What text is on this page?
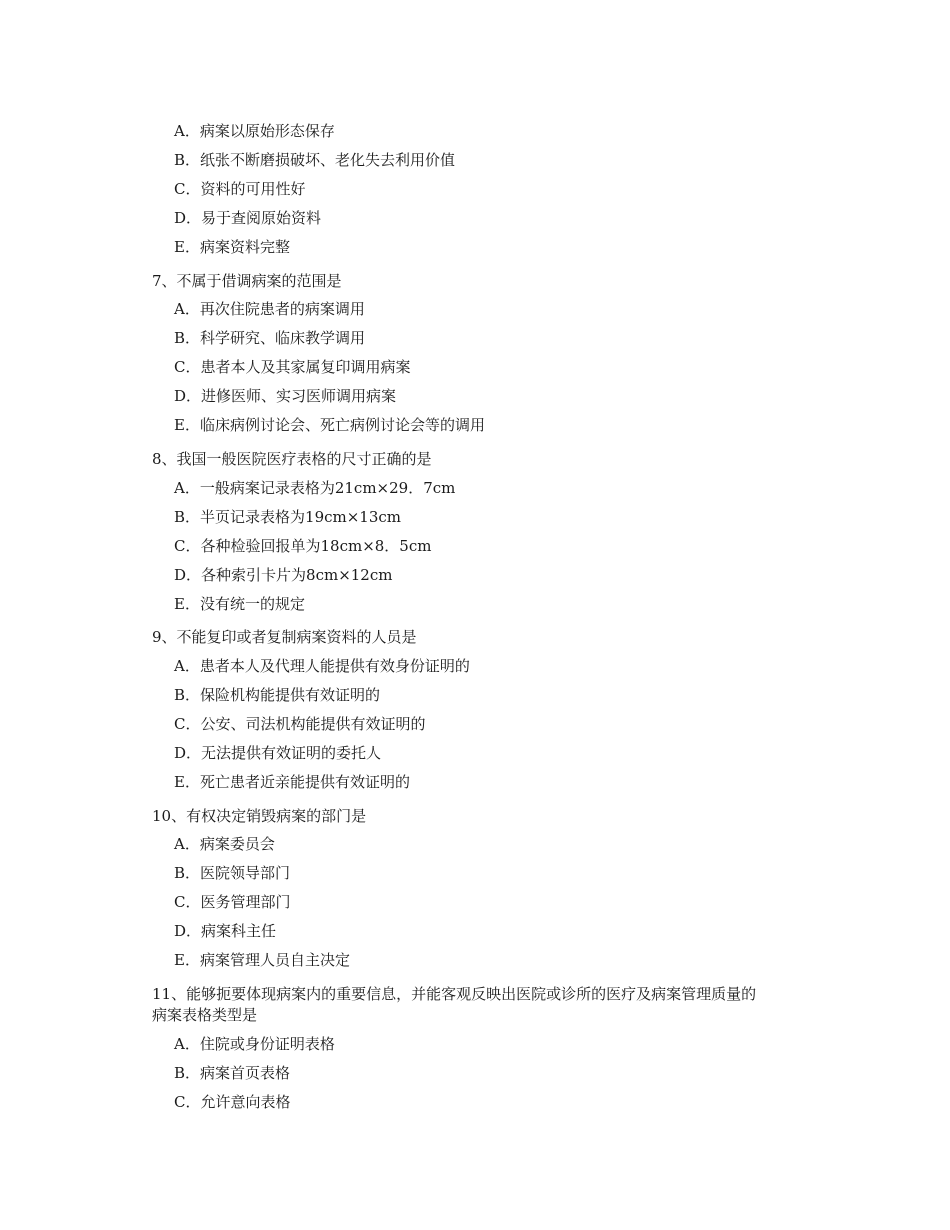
A．病案以原始形态保存
B．纸张不断磨损破坏、老化失去利用价值
C．资料的可用性好
D．易于查阅原始资料
E．病案资料完整
7、不属于借调病案的范围是
A．再次住院患者的病案调用
B．科学研究、临床教学调用
C．患者本人及其家属复印调用病案
D．进修医师、实习医师调用病案
E．临床病例讨论会、死亡病例讨论会等的调用
8、我国一般医院医疗表格的尺寸正确的是
A．一般病案记录表格为21cm×29．7cm
B．半页记录表格为19cm×13cm
C．各种检验回报单为18cm×8．5cm
D．各种索引卡片为8cm×12cm
E．没有统一的规定
9、不能复印或者复制病案资料的人员是
A．患者本人及代理人能提供有效身份证明的
B．保险机构能提供有效证明的
C．公安、司法机构能提供有效证明的
D．无法提供有效证明的委托人
E．死亡患者近亲能提供有效证明的
10、有权决定销毁病案的部门是
A．病案委员会
B．医院领导部门
C．医务管理部门
D．病案科主任
E．病案管理人员自主决定
11、能够扼要体现病案内的重要信息，并能客观反映出医院或诊所的医疗及病案管理质量的
病案表格类型是
A．住院或身份证明表格
B．病案首页表格
C．允许意向表格
